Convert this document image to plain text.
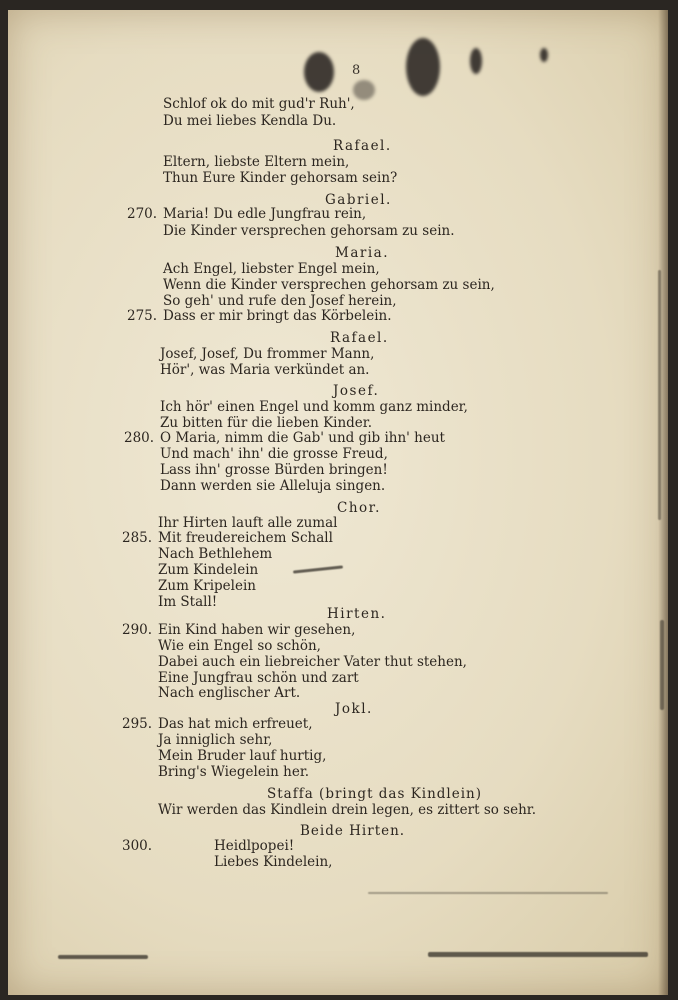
8
Schlof ok do mit gud'r Ruh',
Du mei liebes Kendla Du.
Rafael.
Eltern, liebste Eltern mein,
Thun Eure Kinder gehorsam sein?
Gabriel.
270. Maria! Du edle Jungfrau rein,
Die Kinder versprechen gehorsam zu sein.
Maria.
Ach Engel, liebster Engel mein,
Wenn die Kinder versprechen gehorsam zu sein,
So geh' und rufe den Josef herein,
275. Dass er mir bringt das Körbelein.
Rafael.
Josef, Josef, Du frommer Mann,
Hör', was Maria verkündet an.
Josef.
Ich hör' einen Engel und komm ganz minder,
Zu bitten für die lieben Kinder.
280. O Maria, nimm die Gab' und gib ihn' heut
Und mach' ihn' die grosse Freud,
Lass ihn' grosse Bürden bringen!
Dann werden sie Alleluja singen.
Chor.
Ihr Hirten lauft alle zumal
285. Mit freudereichem Schall
Nach Bethlehem
Zum Kindelein
Zum Kripelein
Im Stall!
Hirten.
290. Ein Kind haben wir gesehen,
Wie ein Engel so schön,
Dabei auch ein liebreicher Vater thut stehen,
Eine Jungfrau schön und zart
Nach englischer Art.
Jokl.
295. Das hat mich erfreuet,
Ja inniglich sehr,
Mein Bruder lauf hurtig,
Bring's Wiegelein her.
Staffa (bringt das Kindlein)
Wir werden das Kindlein drein legen, es zittert so sehr.
Beide Hirten.
300.	Heidlpopei!
Liebes Kindelein,
